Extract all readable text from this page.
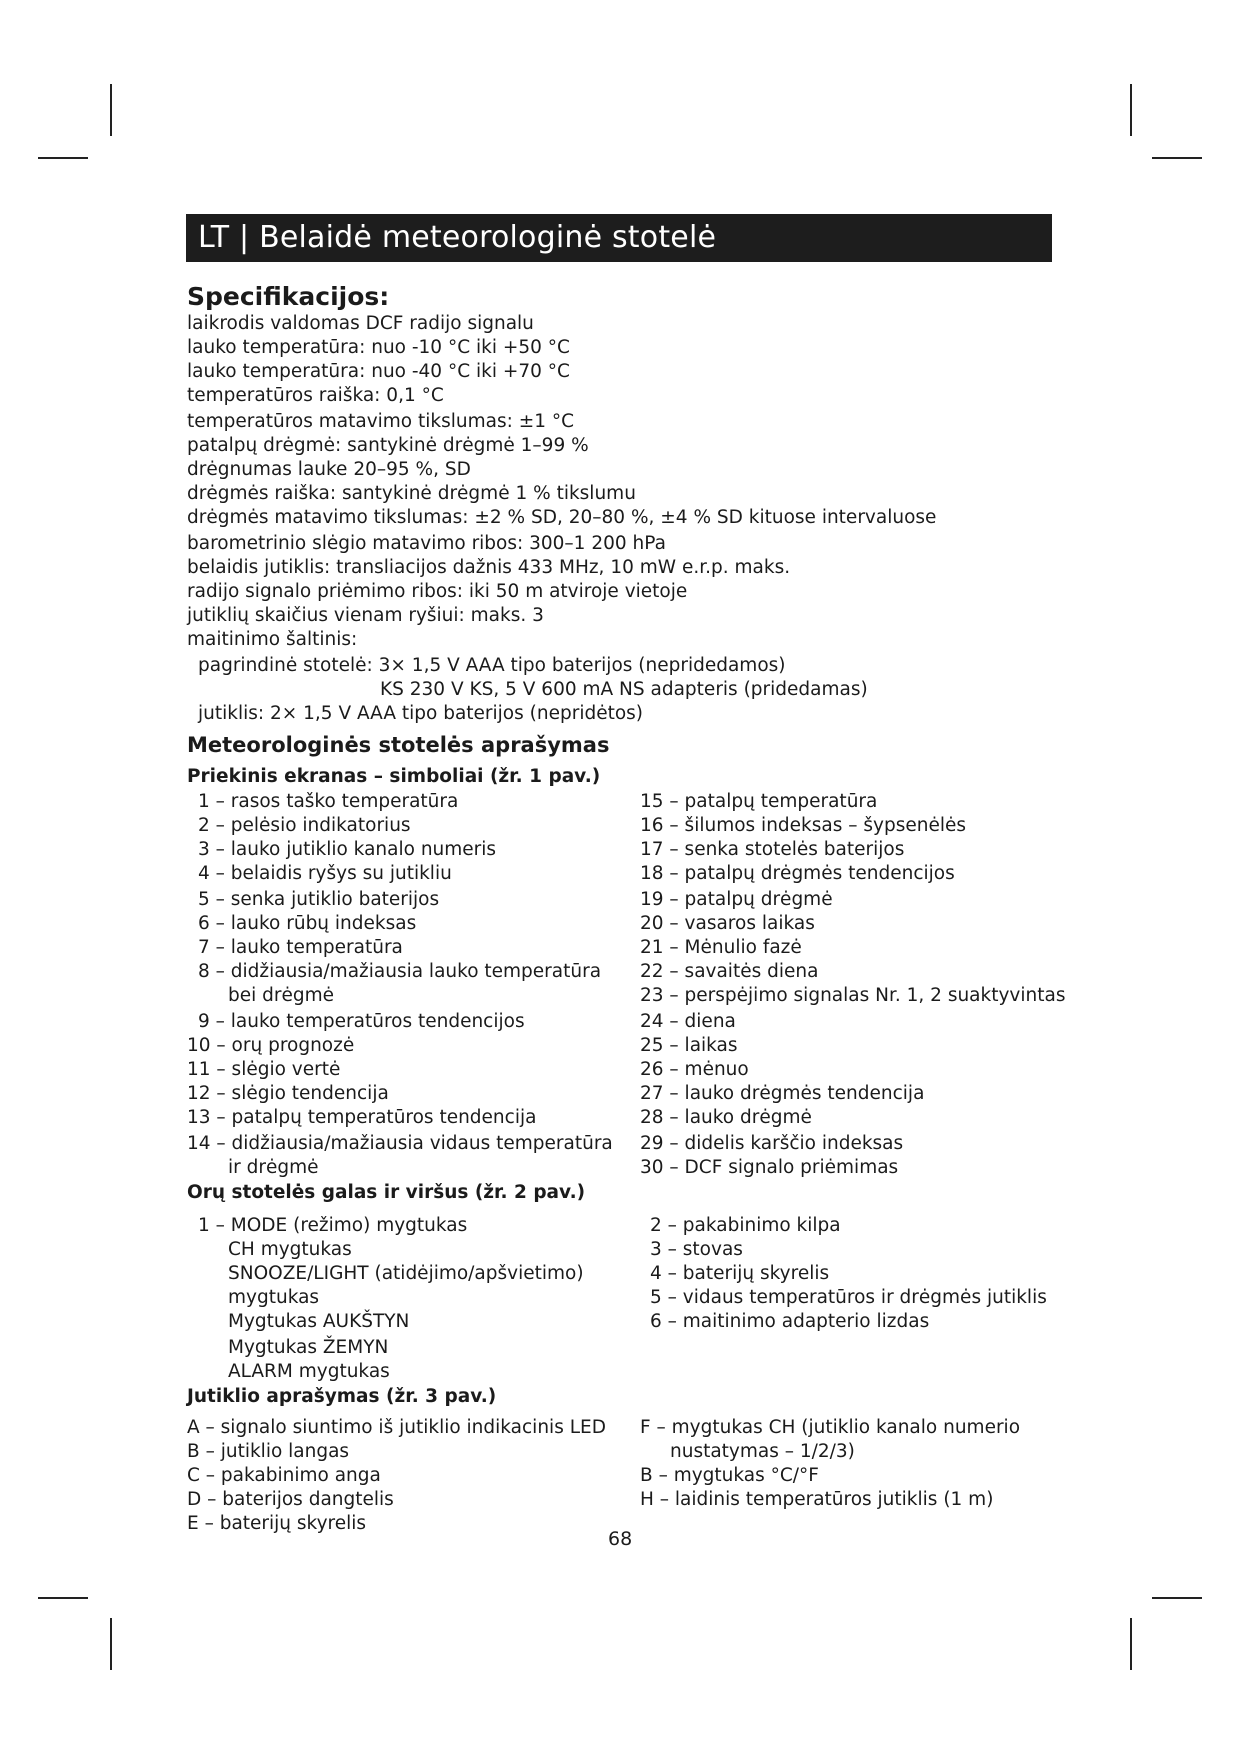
LT | Belaidė meteorologinė stotelė
Specifikacijos:
laikrodis valdomas DCF radijo signalu
lauko temperatūra: nuo -10 °C iki +50 °C
lauko temperatūra: nuo -40 °C iki +70 °C
temperatūros raiška: 0,1 °C
temperatūros matavimo tikslumas: ±1 °C
patalpų drėgmė: santykinė drėgmė 1–99 %
drėgnumas lauke 20–95 %, SD
drėgmės raiška: santykinė drėgmė 1 % tikslumu
drėgmės matavimo tikslumas: ±2 % SD, 20–80 %, ±4 % SD kituose intervaluose
barometrinio slėgio matavimo ribos: 300–1 200 hPa
belaidis jutiklis: transliacijos dažnis 433 MHz, 10 mW e.r.p. maks.
radijo signalo priėmimo ribos: iki 50 m atviroje vietoje
jutiklių skaičius vienam ryšiui: maks. 3
maitinimo šaltinis:
pagrindinė stotelė: 3× 1,5 V AAA tipo baterijos (nepridedamos)
KS 230 V KS, 5 V 600 mA NS adapteris (pridedamas)
jutiklis: 2× 1,5 V AAA tipo baterijos (nepridėtos)
Meteorologinės stotelės aprašymas
Priekinis ekranas – simboliai (žr. 1 pav.)
1 – rasos taško temperatūra
2 – pelėsio indikatorius
3 – lauko jutiklio kanalo numeris
4 – belaidis ryšys su jutikliu
5 – senka jutiklio baterijos
6 – lauko rūbų indeksas
7 – lauko temperatūra
8 – didžiausia/mažiausia lauko temperatūra
bei drėgmė
9 – lauko temperatūros tendencijos
10 – orų prognozė
11 – slėgio vertė
12 – slėgio tendencija
13 – patalpų temperatūros tendencija
14 – didžiausia/mažiausia vidaus temperatūra
ir drėgmė
15 – patalpų temperatūra
16 – šilumos indeksas – šypsenėlės
17 – senka stotelės baterijos
18 – patalpų drėgmės tendencijos
19 – patalpų drėgmė
20 – vasaros laikas
21 – Mėnulio fazė
22 – savaitės diena
23 – perspėjimo signalas Nr. 1, 2 suaktyvintas
24 – diena
25 – laikas
26 – mėnuo
27 – lauko drėgmės tendencija
28 – lauko drėgmė
29 – didelis karščio indeksas
30 – DCF signalo priėmimas
Orų stotelės galas ir viršus (žr. 2 pav.)
1 – MODE (režimo) mygtukas
CH mygtukas
SNOOZE/LIGHT (atidėjimo/apšvietimo)
mygtukas
Mygtukas AUKŠTYN
Mygtukas ŽEMYN
ALARM mygtukas
2 – pakabinimo kilpa
3 – stovas
4 – baterijų skyrelis
5 – vidaus temperatūros ir drėgmės jutiklis
6 – maitinimo adapterio lizdas
Jutiklio aprašymas (žr. 3 pav.)
A – signalo siuntimo iš jutiklio indikacinis LED
B – jutiklio langas
C – pakabinimo anga
D – baterijos dangtelis
E – baterijų skyrelis
F – mygtukas CH (jutiklio kanalo numerio
nustatymas – 1/2/3)
B – mygtukas °C/°F
H – laidinis temperatūros jutiklis (1 m)
68
